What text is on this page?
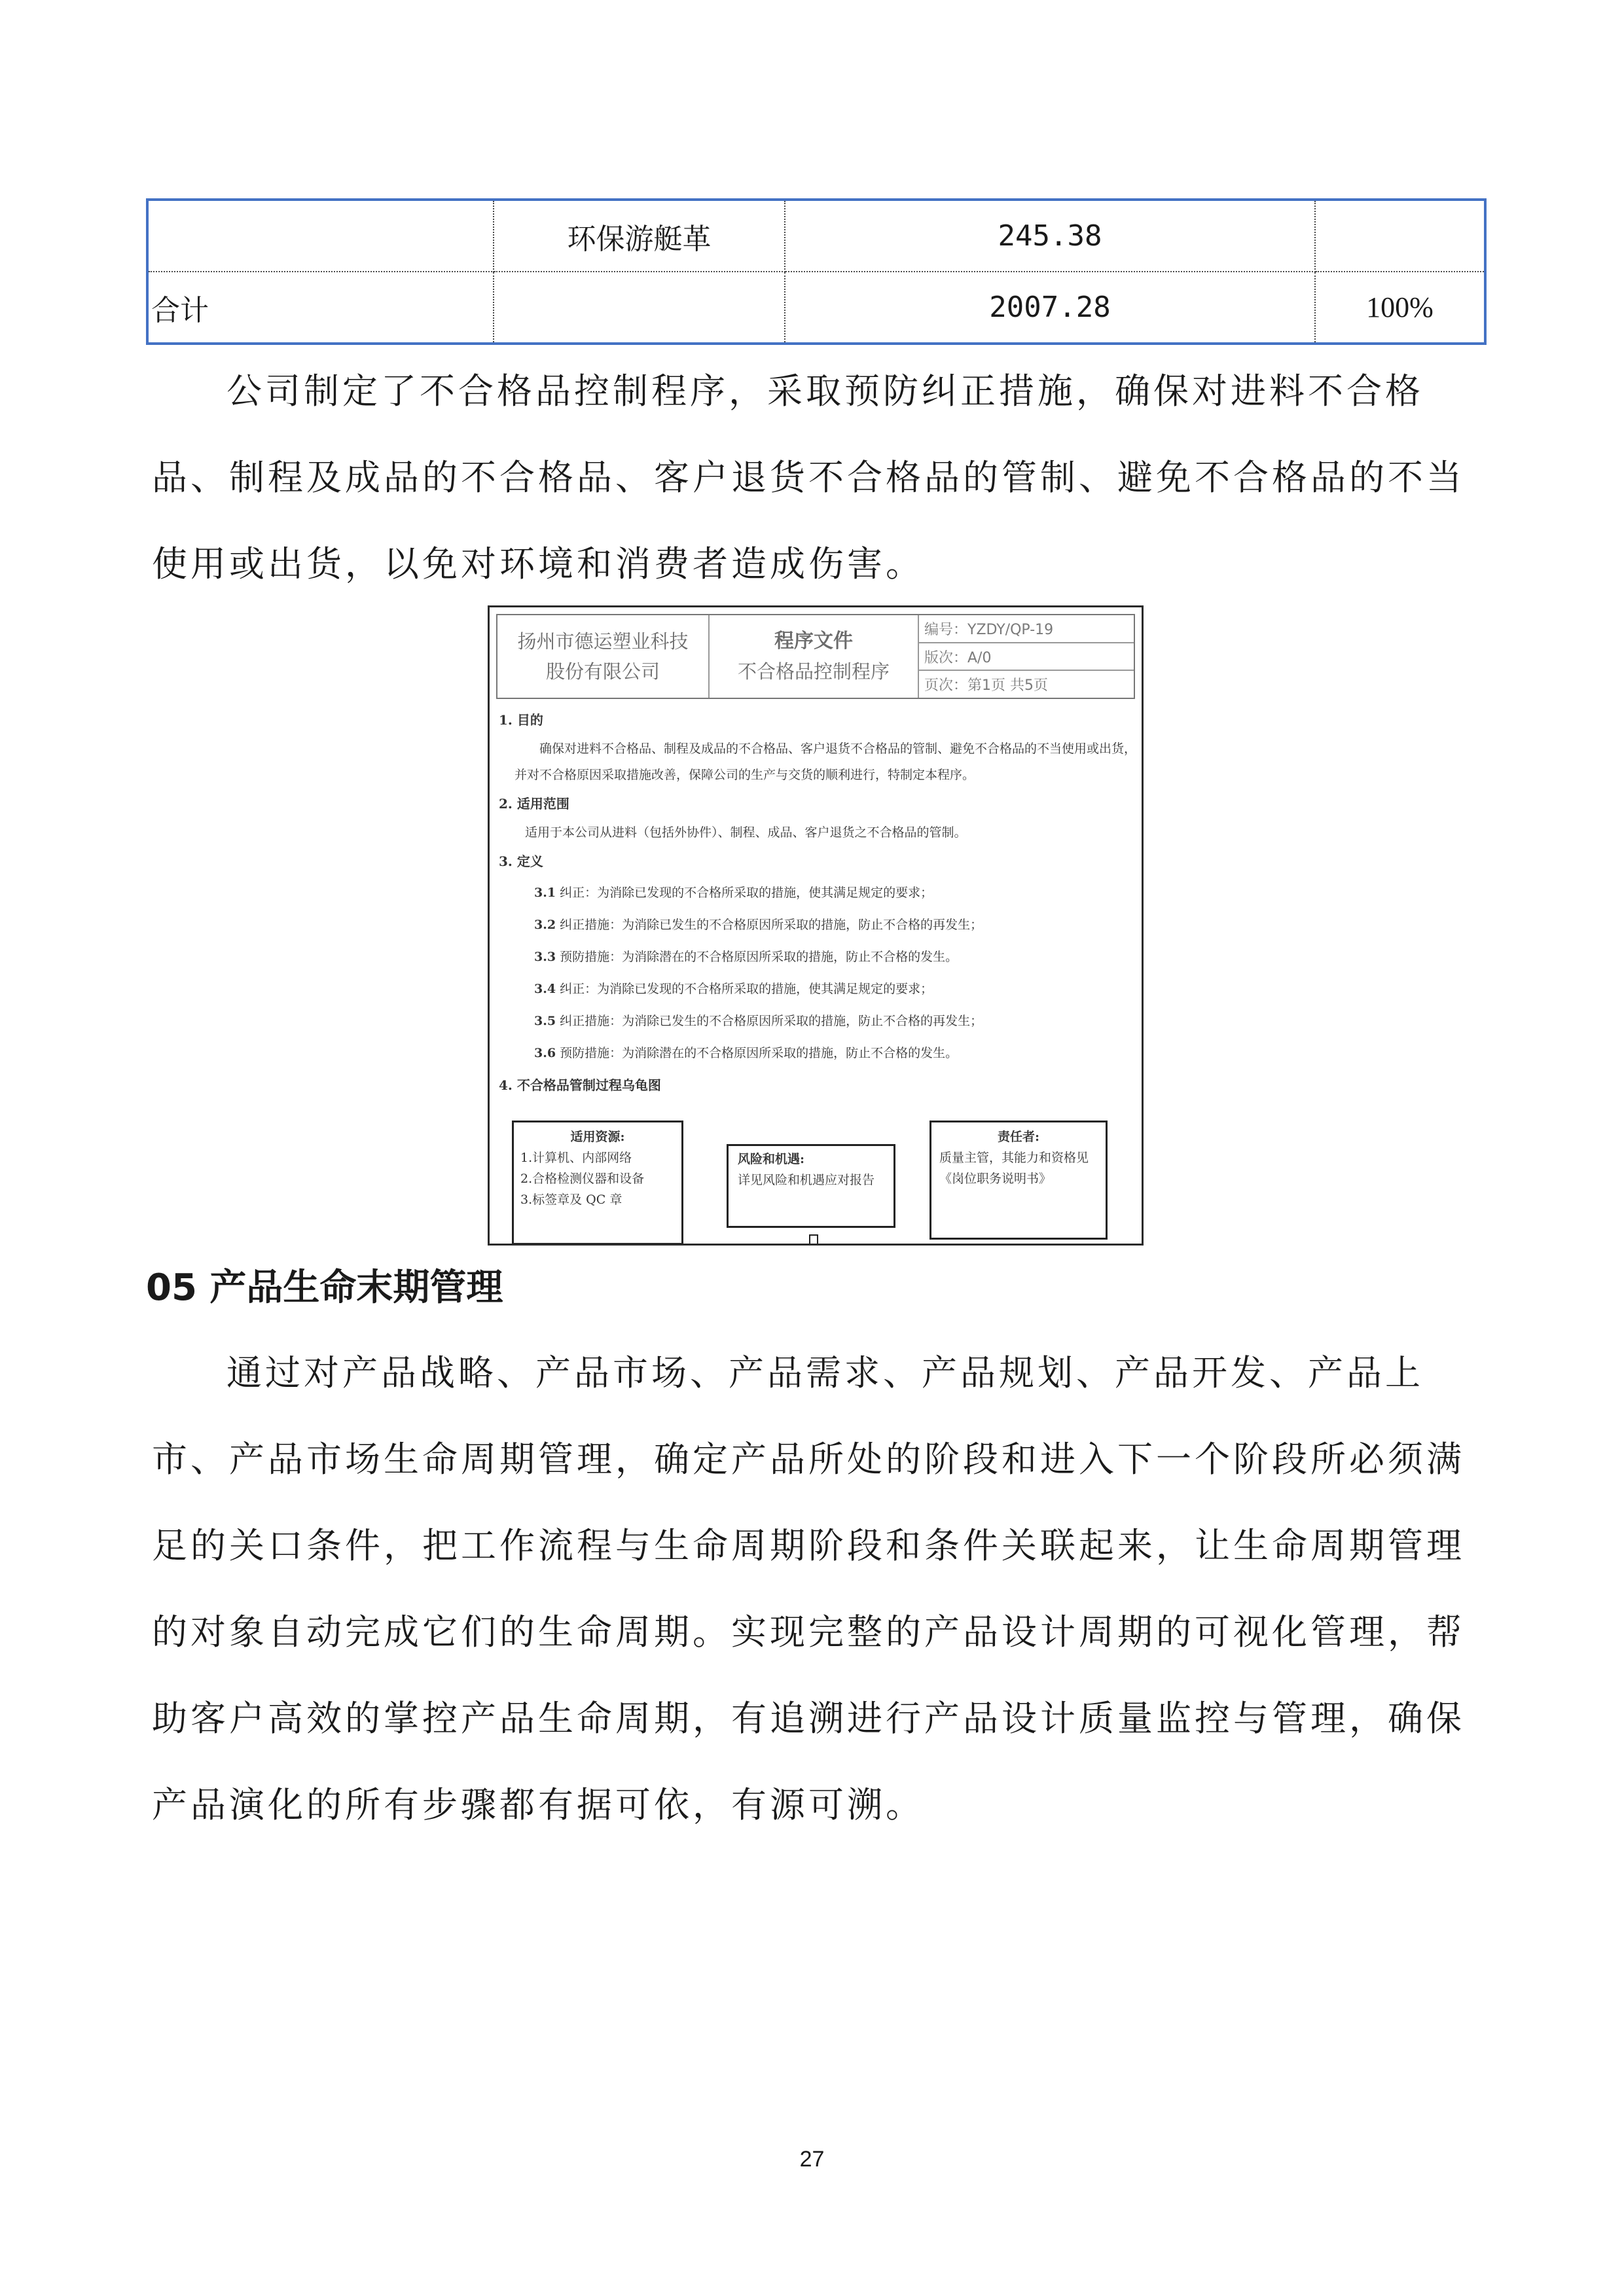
	环保游艇革	245.38	
合计		2007.28	100%

公司制定了不合格品控制程序，采取预防纠正措施，确保对进料不合格品、制程及成品的不合格品、客户退货不合格品的管制、避免不合格品的不当使用或出货，以免对环境和消费者造成伤害。

扬州市德运塑业科技
股份有限公司
程序文件
不合格品控制程序
编号：YZDY/QP-19
版次：A/0
页次：第1页 共5页

1. 目的

确保对进料不合格品、制程及成品的不合格品、客户退货不合格品的管制、避免不合格品的不当使用或出货，并对不合格原因采取措施改善，保障公司的生产与交货的顺利进行，特制定本程序。

2. 适用范围

适用于本公司从进料（包括外协件）、制程、成品、客户退货之不合格品的管制。

3. 定义

3.1 纠正：为消除已发现的不合格所采取的措施，使其满足规定的要求；

3.2 纠正措施：为消除已发生的不合格原因所采取的措施，防止不合格的再发生；

3.3 预防措施：为消除潜在的不合格原因所采取的措施，防止不合格的发生。

3.4 纠正：为消除已发现的不合格所采取的措施，使其满足规定的要求；

3.5 纠正措施：为消除已发生的不合格原因所采取的措施，防止不合格的再发生；

3.6 预防措施：为消除潜在的不合格原因所采取的措施，防止不合格的发生。

4. 不合格品管制过程乌龟图

适用资源:
1.计算机、内部网络
2.合格检测仪器和设备
3.标签章及 QC 章
风险和机遇:
详见风险和机遇应对报告
责任者:
质量主管，其能力和资格见《岗位职务说明书》
05 产品生命末期管理

通过对产品战略、产品市场、产品需求、产品规划、产品开发、产品上市、产品市场生命周期管理，确定产品所处的阶段和进入下一个阶段所必须满足的关口条件，把工作流程与生命周期阶段和条件关联起来，让生命周期管理的对象自动完成它们的生命周期。实现完整的产品设计周期的可视化管理，帮助客户高效的掌控产品生命周期，有追溯进行产品设计质量监控与管理，确保产品演化的所有步骤都有据可依，有源可溯。

27
